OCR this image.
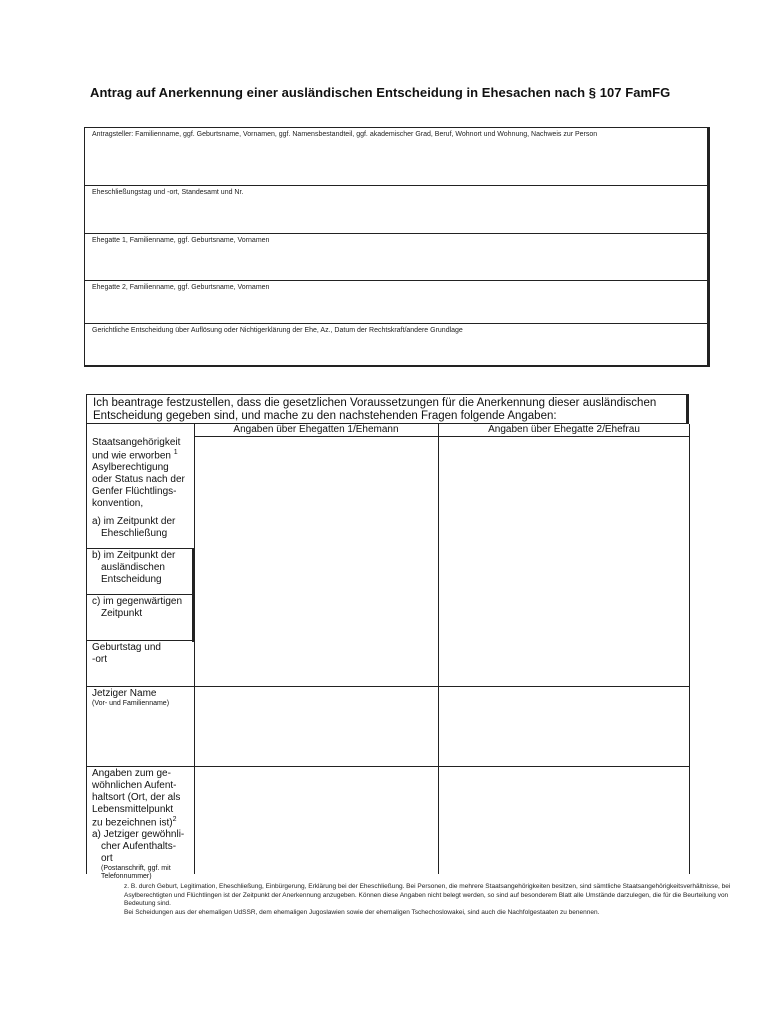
Antrag auf Anerkennung einer ausländischen Entscheidung in Ehesachen nach § 107 FamFG
Antragsteller: Familienname, ggf. Geburtsname, Vornamen, ggf. Namensbestandteil, ggf. akademischer Grad, Beruf, Wohnort und Wohnung, Nachweis zur Person
Eheschließungstag und -ort, Standesamt und Nr.
Ehegatte 1, Familienname, ggf. Geburtsname, Vornamen
Ehegatte 2, Familienname, ggf. Geburtsname, Vornamen
Gerichtliche Entscheidung über Auflösung oder Nichtigerklärung der Ehe, Az., Datum der Rechtskraft/andere Grundlage
Ich beantrage festzustellen, dass die gesetzlichen Voraussetzungen für die Anerkennung dieser ausländischen
Entscheidung gegeben sind, und mache zu den nachstehenden Fragen folgende Angaben:
Angaben über Ehegatten 1/Ehemann	Angaben über Ehegatte 2/Ehefrau
Staatsangehörigkeit
und wie erworben $^1$
Asylberechtigung
oder Status nach der
Genfer Flüchtlings-
konvention,
a) im Zeitpunkt der
Eheschließung
b) im Zeitpunkt der
ausländischen
Entscheidung
c) im gegenwärtigen
Zeitpunkt
Geburtstag und
-ort
Jetziger Name
(Vor- und Familienname)
Angaben zum ge-
wöhnlichen Aufent-
haltsort (Ort, der als
Lebensmittelpunkt
zu bezeichnen ist)$^2$
a) Jetziger gewöhnli-
cher Aufenthalts-
ort
(Postanschrift, ggf. mit
Telefonnummer)

z. B. durch Geburt, Legitimation, Eheschließung, Einbürgerung, Erklärung bei der Eheschließung. Bei Personen, die mehrere Staatsangehörigkeiten besitzen, sind sämtliche Staatsangehörigkeitsverhältnisse, bei Asylberechtigten und Flüchtlingen ist der Zeitpunkt der Anerkennung anzugeben. Können diese Angaben nicht belegt werden, so sind auf besonderem Blatt alle Umstände darzulegen, die für die Beurteilung von Bedeutung sind.

Bei Scheidungen aus der ehemaligen UdSSR, dem ehemaligen Jugoslawien sowie der ehemaligen Tschechoslowakei, sind auch die Nachfolgestaaten zu benennen.
